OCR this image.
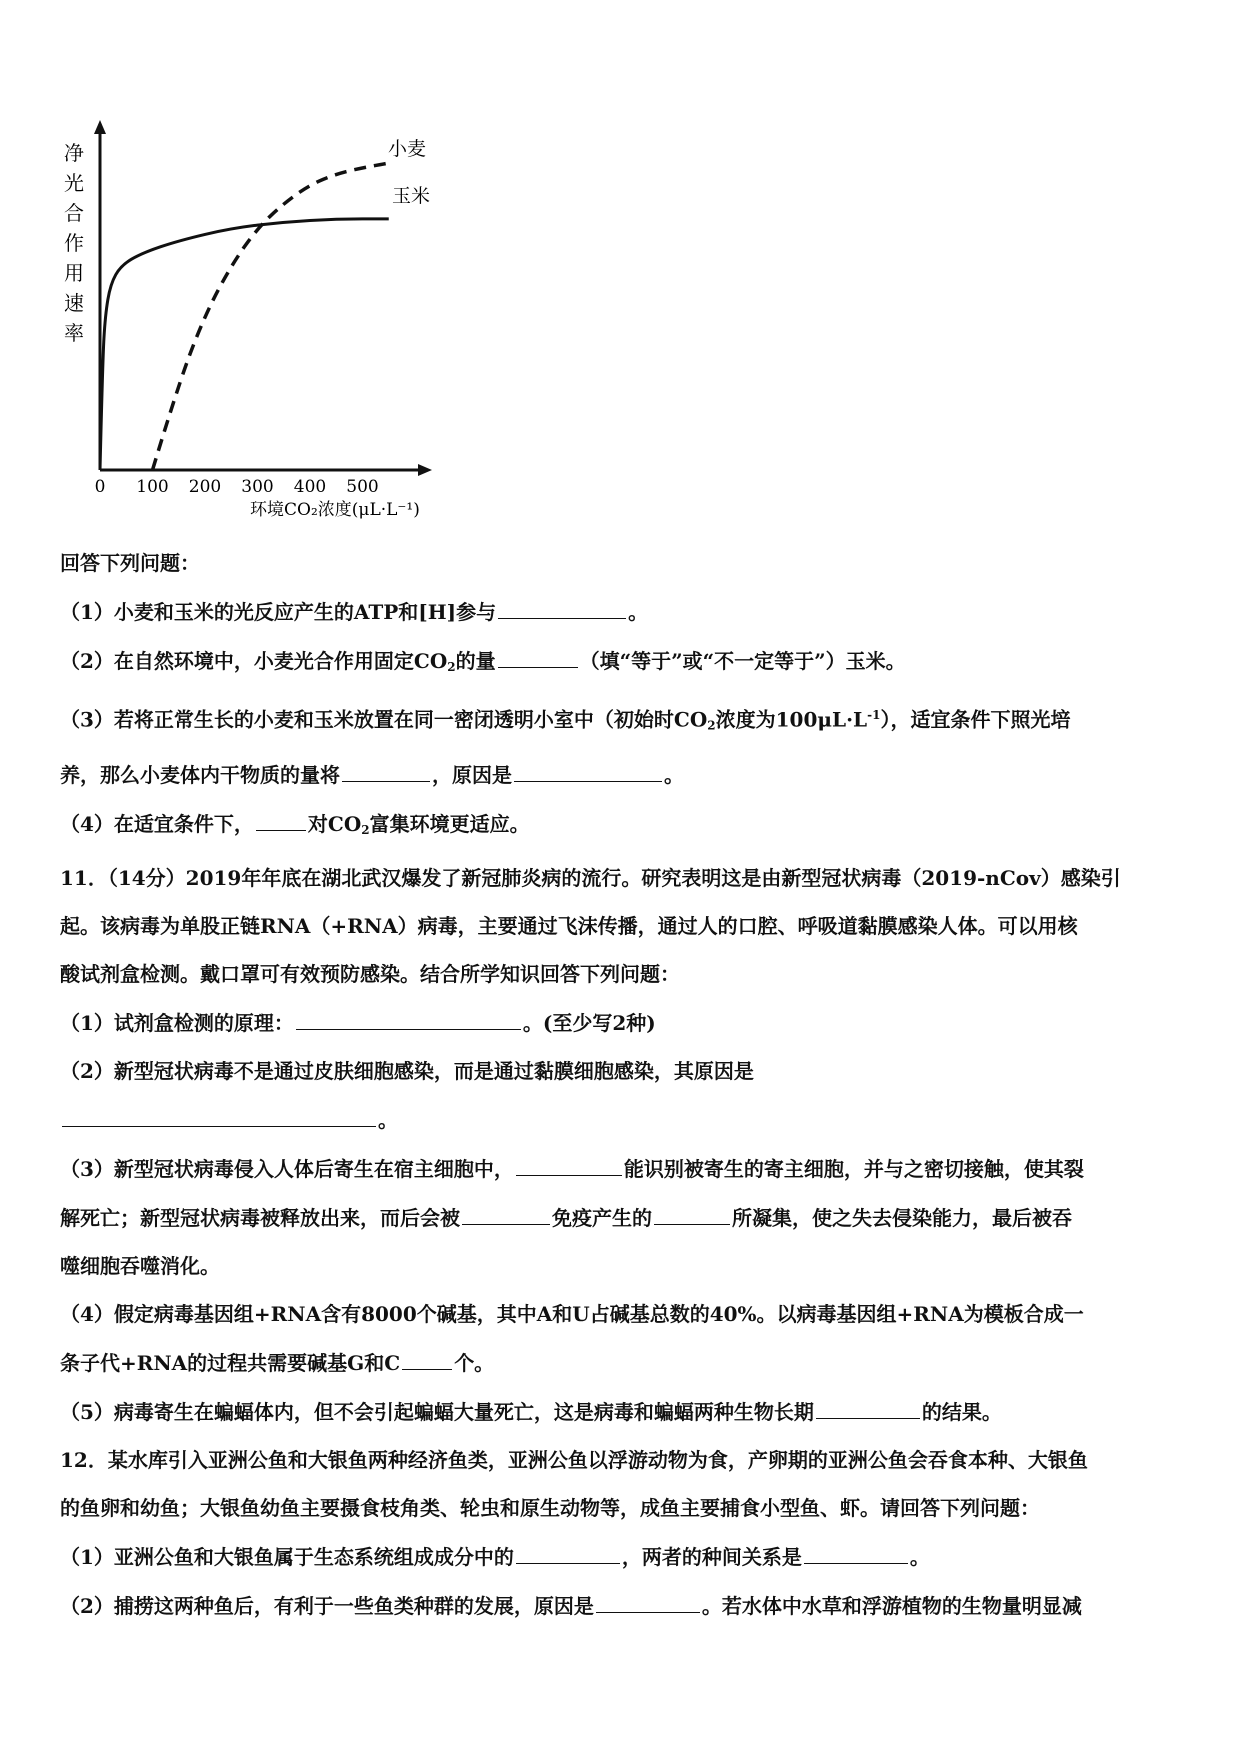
净
光
合
作
用
速
率
0 100 200 300 400 500
环境CO₂浓度(μL·L⁻¹)
小麦
玉米

回答下列问题：

（1）小麦和玉米的光反应产生的ATP和[H]参与	。

（2）在自然环境中，小麦光合作用固定$CO_2$的量	（填“等于”或“不一定等于”）玉米。

（3）若将正常生长的小麦和玉米放置在同一密闭透明小室中（初始时$CO_2$浓度为$100\mu L\cdot L^{-1}$），适宜条件下照光培

养，那么小麦体内干物质的量将	，原因是	。

（4）在适宜条件下，	对$CO_2$富集环境更适应。

11．（14分）2019年年底在湖北武汉爆发了新冠肺炎病的流行。研究表明这是由新型冠状病毒（2019-nCov）感染引

起。该病毒为单股正链RNA（+RNA）病毒，主要通过飞沫传播，通过人的口腔、呼吸道黏膜感染人体。可以用核

酸试剂盒检测。戴口罩可有效预防感染。结合所学知识回答下列问题：

（1）试剂盒检测的原理：	。(至少写2种)

（2）新型冠状病毒不是通过皮肤细胞感染，而是通过黏膜细胞感染，其原因是

。

（3）新型冠状病毒侵入人体后寄生在宿主细胞中，	能识别被寄生的寄主细胞，并与之密切接触，使其裂

解死亡；新型冠状病毒被释放出来，而后会被	免疫产生的	所凝集，使之失去侵染能力，最后被吞

噬细胞吞噬消化。

（4）假定病毒基因组+RNA含有8000个碱基，其中A和U占碱基总数的40%。以病毒基因组+RNA为模板合成一

条子代+RNA的过程共需要碱基G和C	个。

（5）病毒寄生在蝙蝠体内，但不会引起蝙蝠大量死亡，这是病毒和蝙蝠两种生物长期	的结果。

12．某水库引入亚洲公鱼和大银鱼两种经济鱼类，亚洲公鱼以浮游动物为食，产卵期的亚洲公鱼会吞食本种、大银鱼

的鱼卵和幼鱼；大银鱼幼鱼主要摄食枝角类、轮虫和原生动物等，成鱼主要捕食小型鱼、虾。请回答下列问题：

（1）亚洲公鱼和大银鱼属于生态系统组成成分中的	，两者的种间关系是	。

（2）捕捞这两种鱼后，有利于一些鱼类种群的发展，原因是	。若水体中水草和浮游植物的生物量明显减
